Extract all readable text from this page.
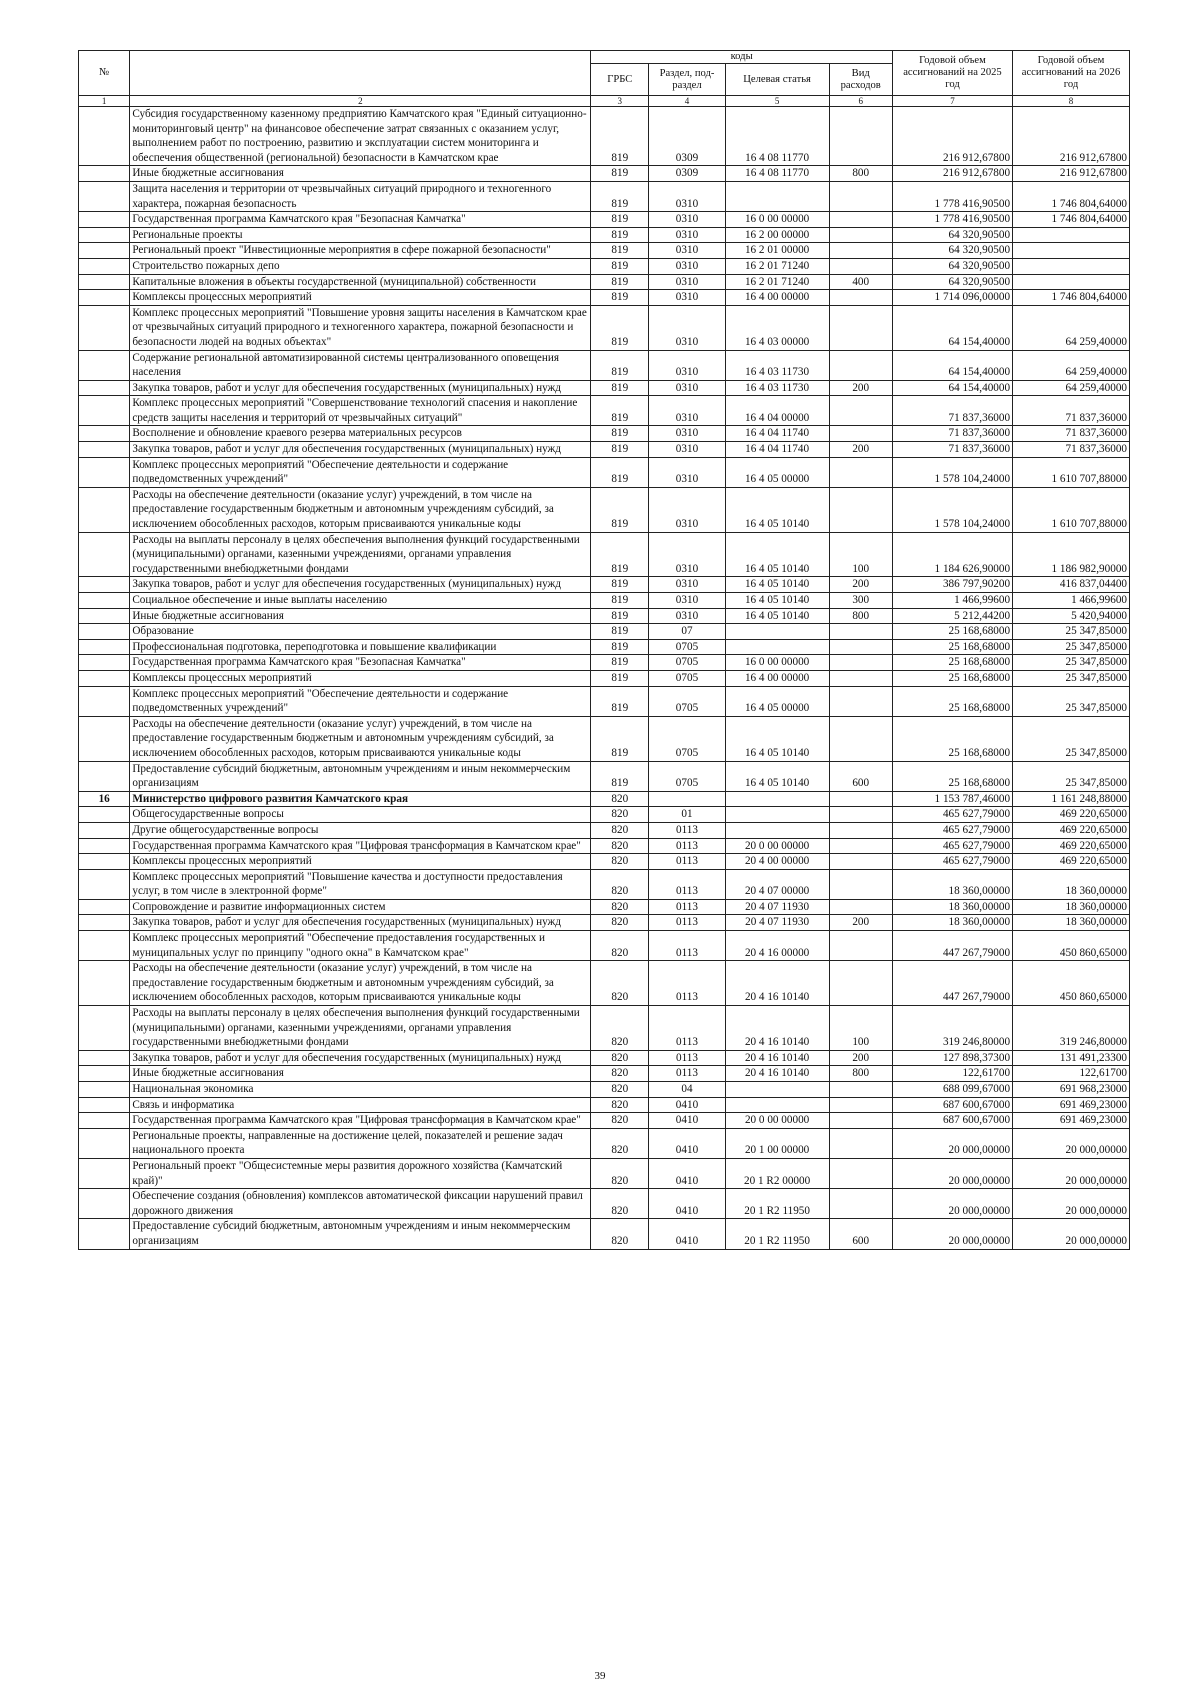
№		коды				Годовой объем ассигнований на 2025 год	Годовой объем ассигнований на 2026 год
		ГРБС	Раздел, под-раздел	Целевая статья	Вид расходов		
1	2	3	4	5	6	7	8
	Субсидия государственному казенному предприятию Камчатского края "Единый ситуационно-мониторинговый центр" на финансовое обеспечение затрат связанных с оказанием услуг, выполнением работ по построению, развитию и эксплуатации систем мониторинга и обеспечения общественной (региональной) безопасности в Камчатском крае	819	0309	16 4 08 11770		216 912,67800	216 912,67800
	Иные бюджетные ассигнования	819	0309	16 4 08 11770	800	216 912,67800	216 912,67800
	Защита населения и территории от чрезвычайных ситуаций природного и техногенного характера, пожарная безопасность	819	0310			1 778 416,90500	1 746 804,64000
	Государственная программа Камчатского края "Безопасная Камчатка"	819	0310	16 0 00 00000		1 778 416,90500	1 746 804,64000
	Региональные проекты	819	0310	16 2 00 00000		64 320,90500	
	Региональный проект "Инвестиционные мероприятия в сфере пожарной безопасности"	819	0310	16 2 01 00000		64 320,90500	
	Строительство пожарных депо	819	0310	16 2 01 71240		64 320,90500	
	Капитальные вложения в объекты государственной (муниципальной) собственности	819	0310	16 2 01 71240	400	64 320,90500	
	Комплексы процессных мероприятий	819	0310	16 4 00 00000		1 714 096,00000	1 746 804,64000
	Комплекс процессных мероприятий "Повышение уровня защиты населения в Камчатском крае от чрезвычайных ситуаций природного и техногенного характера, пожарной безопасности и безопасности людей на водных объектах"	819	0310	16 4 03 00000		64 154,40000	64 259,40000
	Содержание региональной автоматизированной системы централизованного оповещения населения	819	0310	16 4 03 11730		64 154,40000	64 259,40000
	Закупка товаров, работ и услуг для обеспечения государственных (муниципальных) нужд	819	0310	16 4 03 11730	200	64 154,40000	64 259,40000
	Комплекс процессных мероприятий "Совершенствование технологий спасения и накопление средств защиты населения и территорий от чрезвычайных ситуаций"	819	0310	16 4 04 00000		71 837,36000	71 837,36000
	Восполнение и обновление краевого резерва материальных ресурсов	819	0310	16 4 04 11740		71 837,36000	71 837,36000
	Закупка товаров, работ и услуг для обеспечения государственных (муниципальных) нужд	819	0310	16 4 04 11740	200	71 837,36000	71 837,36000
	Комплекс процессных мероприятий "Обеспечение деятельности и содержание подведомственных учреждений"	819	0310	16 4 05 00000		1 578 104,24000	1 610 707,88000
	Расходы на обеспечение деятельности (оказание услуг) учреждений, в том числе на предоставление государственным бюджетным и автономным учреждениям субсидий, за исключением обособленных расходов, которым присваиваются уникальные коды	819	0310	16 4 05 10140		1 578 104,24000	1 610 707,88000
	Расходы на выплаты персоналу в целях обеспечения выполнения функций государственными (муниципальными) органами, казенными учреждениями, органами управления государственными внебюджетными фондами	819	0310	16 4 05 10140	100	1 184 626,90000	1 186 982,90000
	Закупка товаров, работ и услуг для обеспечения государственных (муниципальных) нужд	819	0310	16 4 05 10140	200	386 797,90200	416 837,04400
	Социальное обеспечение и иные выплаты населению	819	0310	16 4 05 10140	300	1 466,99600	1 466,99600
	Иные бюджетные ассигнования	819	0310	16 4 05 10140	800	5 212,44200	5 420,94000
	Образование	819	07			25 168,68000	25 347,85000
	Профессиональная подготовка, переподготовка и повышение квалификации	819	0705			25 168,68000	25 347,85000
	Государственная программа Камчатского края "Безопасная Камчатка"	819	0705	16 0 00 00000		25 168,68000	25 347,85000
	Комплексы процессных мероприятий	819	0705	16 4 00 00000		25 168,68000	25 347,85000
	Комплекс процессных мероприятий "Обеспечение деятельности и содержание подведомственных учреждений"	819	0705	16 4 05 00000		25 168,68000	25 347,85000
	Расходы на обеспечение деятельности (оказание услуг) учреждений, в том числе на предоставление государственным бюджетным и автономным учреждениям субсидий, за исключением обособленных расходов, которым присваиваются уникальные коды	819	0705	16 4 05 10140		25 168,68000	25 347,85000
	Предоставление субсидий бюджетным, автономным учреждениям и иным некоммерческим организациям	819	0705	16 4 05 10140	600	25 168,68000	25 347,85000
16	Министерство цифрового развития Камчатского края	820				1 153 787,46000	1 161 248,88000
	Общегосударственные вопросы	820	01			465 627,79000	469 220,65000
	Другие общегосударственные вопросы	820	0113			465 627,79000	469 220,65000
	Государственная программа Камчатского края "Цифровая трансформация в Камчатском крае"	820	0113	20 0 00 00000		465 627,79000	469 220,65000
	Комплексы процессных мероприятий	820	0113	20 4 00 00000		465 627,79000	469 220,65000
	Комплекс процессных мероприятий "Повышение качества и доступности предоставления услуг, в том числе в электронной форме"	820	0113	20 4 07 00000		18 360,00000	18 360,00000
	Сопровождение и развитие информационных систем	820	0113	20 4 07 11930		18 360,00000	18 360,00000
	Закупка товаров, работ и услуг для обеспечения государственных (муниципальных) нужд	820	0113	20 4 07 11930	200	18 360,00000	18 360,00000
	Комплекс процессных мероприятий "Обеспечение предоставления государственных и муниципальных услуг по принципу "одного окна" в Камчатском крае"	820	0113	20 4 16 00000		447 267,79000	450 860,65000
	Расходы на обеспечение деятельности (оказание услуг) учреждений, в том числе на предоставление государственным бюджетным и автономным учреждениям субсидий, за исключением обособленных расходов, которым присваиваются уникальные коды	820	0113	20 4 16 10140		447 267,79000	450 860,65000
	Расходы на выплаты персоналу в целях обеспечения выполнения функций государственными (муниципальными) органами, казенными учреждениями, органами управления государственными внебюджетными фондами	820	0113	20 4 16 10140	100	319 246,80000	319 246,80000
	Закупка товаров, работ и услуг для обеспечения государственных (муниципальных) нужд	820	0113	20 4 16 10140	200	127 898,37300	131 491,23300
	Иные бюджетные ассигнования	820	0113	20 4 16 10140	800	122,61700	122,61700
	Национальная экономика	820	04			688 099,67000	691 968,23000
	Связь и информатика	820	0410			687 600,67000	691 469,23000
	Государственная программа Камчатского края "Цифровая трансформация в Камчатском крае"	820	0410	20 0 00 00000		687 600,67000	691 469,23000
	Региональные проекты, направленные на достижение целей, показателей и решение задач национального проекта	820	0410	20 1 00 00000		20 000,00000	20 000,00000
	Региональный проект "Общесистемные меры развития дорожного хозяйства (Камчатский край)"	820	0410	20 1 R2 00000		20 000,00000	20 000,00000
	Обеспечение создания (обновления) комплексов автоматической фиксации нарушений правил дорожного движения	820	0410	20 1 R2 11950		20 000,00000	20 000,00000
	Предоставление субсидий бюджетным, автономным учреждениям и иным некоммерческим организациям	820	0410	20 1 R2 11950	600	20 000,00000	20 000,00000
39
